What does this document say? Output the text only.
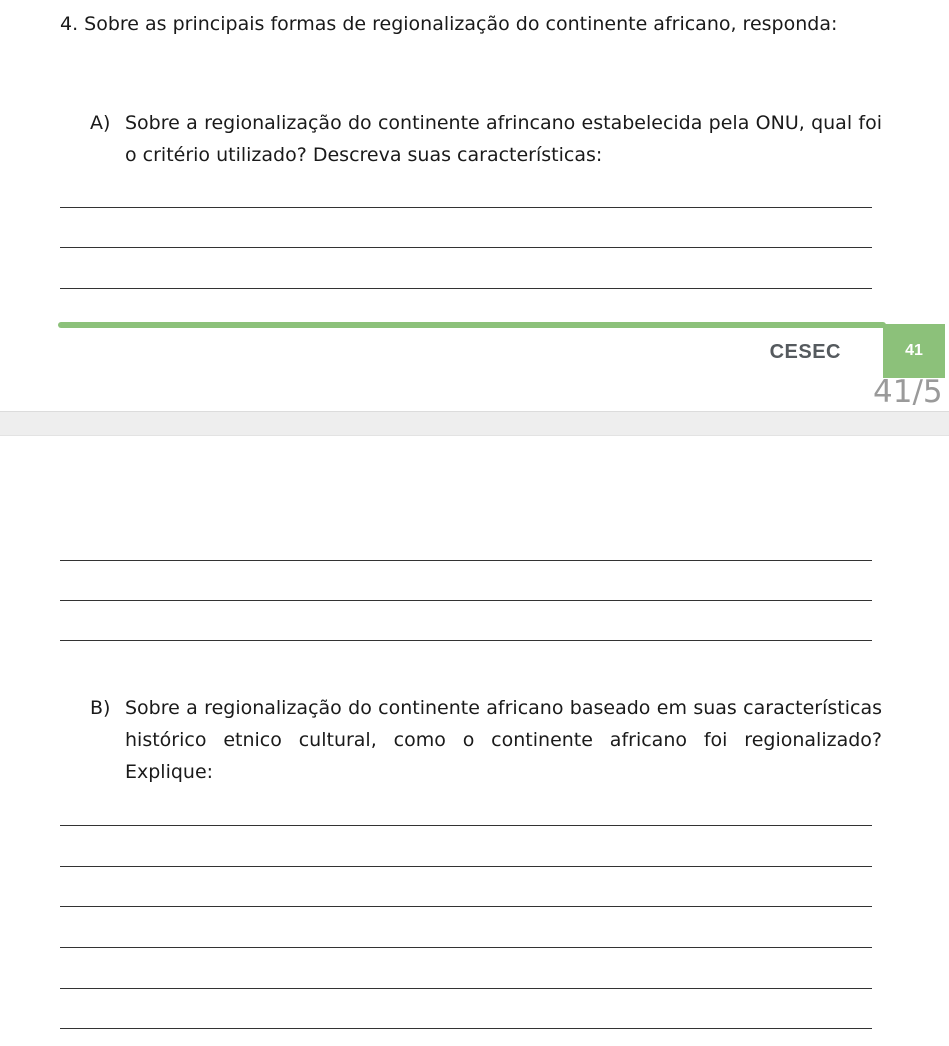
4. Sobre as principais formas de regionalização do continente africano, responda:

A) Sobre a regionalização do continente afrincano estabelecida pela ONU, qual foi o critério utilizado? Descreva suas características:
CESEC	41
41/5
B) Sobre a regionalização do continente africano baseado em suas características histórico etnico cultural, como o continente africano foi regionalizado? Explique:
